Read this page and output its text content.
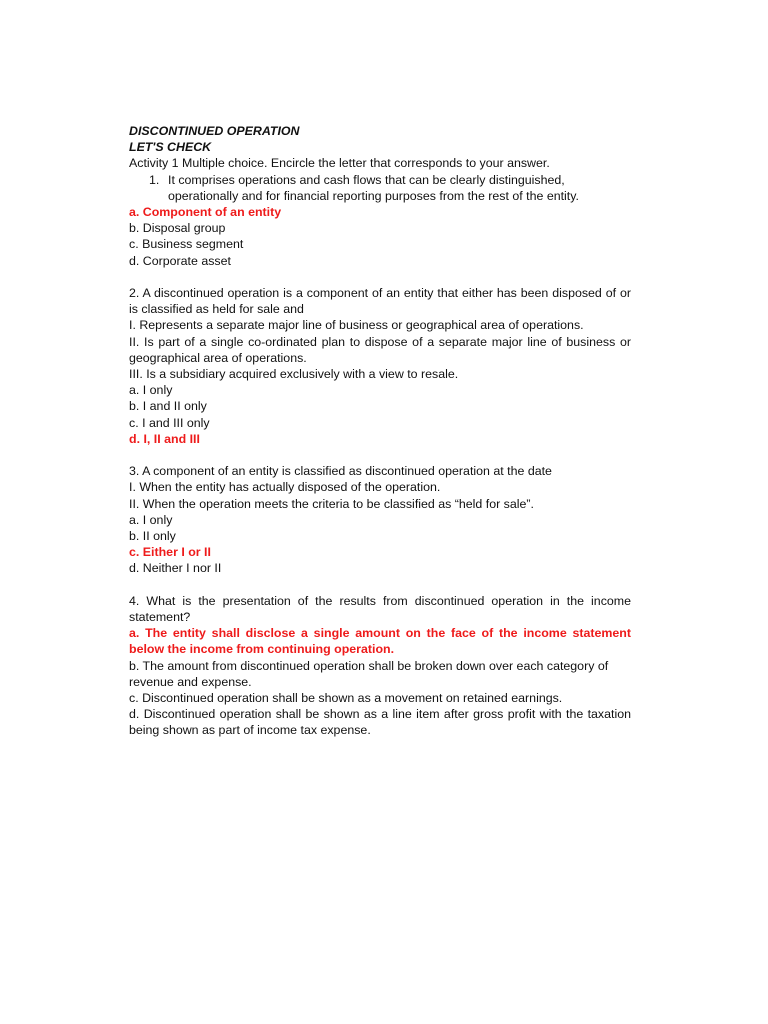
DISCONTINUED OPERATION
LET'S CHECK
Activity 1 Multiple choice. Encircle the letter that corresponds to your answer.
1. It comprises operations and cash flows that can be clearly distinguished,
operationally and for financial reporting purposes from the rest of the entity.
a. Component of an entity
b. Disposal group
c. Business segment
d. Corporate asset
2. A discontinued operation is a component of an entity that either has been disposed of or is classified as held for sale and
I. Represents a separate major line of business or geographical area of operations.
II. Is part of a single co-ordinated plan to dispose of a separate major line of business or geographical area of operations.
III. Is a subsidiary acquired exclusively with a view to resale.
a. I only
b. I and II only
c. I and III only
d. I, II and III
3. A component of an entity is classified as discontinued operation at the date
I. When the entity has actually disposed of the operation.
II. When the operation meets the criteria to be classified as “held for sale”.
a. I only
b. II only
c. Either I or II
d. Neither I nor II
4. What is the presentation of the results from discontinued operation in the income statement?
a. The entity shall disclose a single amount on the face of the income statement below the income from continuing operation.
b. The amount from discontinued operation shall be broken down over each category of
revenue and expense.
c. Discontinued operation shall be shown as a movement on retained earnings.
d. Discontinued operation shall be shown as a line item after gross profit with the taxation being shown as part of income tax expense.
